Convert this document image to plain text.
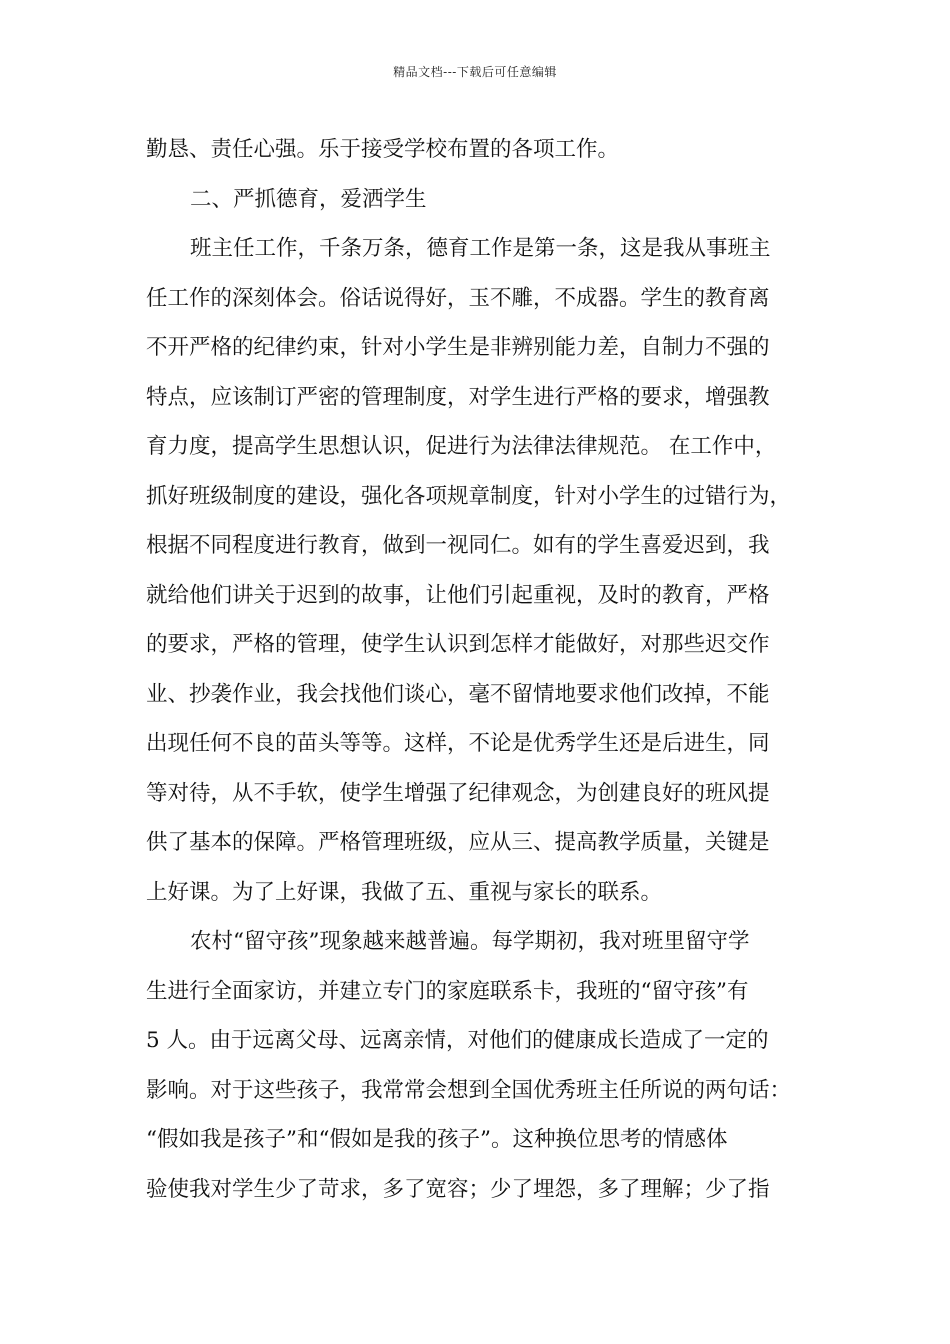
精品文档---下载后可任意编辑
勤恳、责任心强。乐于接受学校布置的各项工作。
二、严抓德育，爱洒学生
班主任工作，千条万条，德育工作是第一条，这是我从事班主
任工作的深刻体会。俗话说得好，玉不雕，不成器。学生的教育离
不开严格的纪律约束，针对小学生是非辨别能力差，自制力不强的
特点，应该制订严密的管理制度，对学生进行严格的要求，增强教
育力度，提高学生思想认识，促进行为法律法律规范。 在工作中，
抓好班级制度的建设，强化各项规章制度，针对小学生的过错行为，
根据不同程度进行教育，做到一视同仁。如有的学生喜爱迟到，我
就给他们讲关于迟到的故事，让他们引起重视，及时的教育，严格
的要求，严格的管理，使学生认识到怎样才能做好，对那些迟交作
业、抄袭作业，我会找他们谈心，毫不留情地要求他们改掉，不能
出现任何不良的苗头等等。这样，不论是优秀学生还是后进生，同
等对待，从不手软，使学生增强了纪律观念，为创建良好的班风提
供了基本的保障。严格管理班级，应从三、提高教学质量，关键是
上好课。为了上好课，我做了五、重视与家长的联系。
农村“留守孩”现象越来越普遍。每学期初，我对班里留守学
生进行全面家访，并建立专门的家庭联系卡，我班的“留守孩”有
5 人。由于远离父母、远离亲情，对他们的健康成长造成了一定的
影响。对于这些孩子，我常常会想到全国优秀班主任所说的两句话：
“假如我是孩子”和“假如是我的孩子”。这种换位思考的情感体
验使我对学生少了苛求，多了宽容；少了埋怨，多了理解；少了指
